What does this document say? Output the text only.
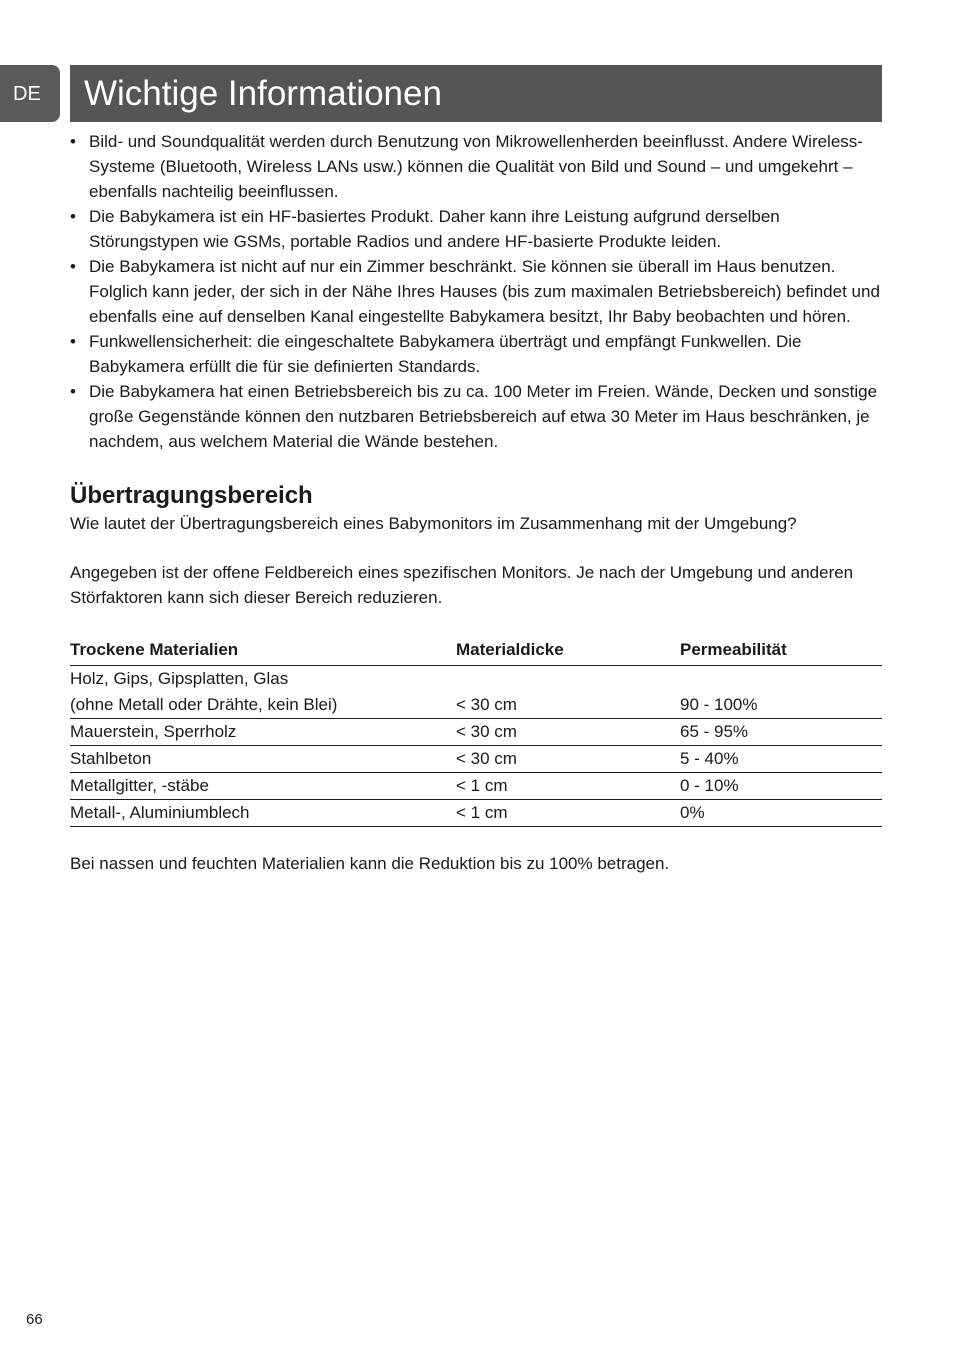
DE	Wichtige Informationen
• Bild- und Soundqualität werden durch Benutzung von Mikrowellenherden beeinflusst. Andere Wireless-Systeme (Bluetooth, Wireless LANs usw.) können die Qualität von Bild und Sound – und umgekehrt – ebenfalls nachteilig beeinflussen.
• Die Babykamera ist ein HF-basiertes Produkt. Daher kann ihre Leistung aufgrund derselben Störungstypen wie GSMs, portable Radios und andere HF-basierte Produkte leiden.
• Die Babykamera ist nicht auf nur ein Zimmer beschränkt. Sie können sie überall im Haus benutzen. Folglich kann jeder, der sich in der Nähe Ihres Hauses (bis zum maximalen Betriebsbereich) befindet und ebenfalls eine auf denselben Kanal eingestellte Babykamera besitzt, Ihr Baby beobachten und hören.
• Funkwellensicherheit: die eingeschaltete Babykamera überträgt und empfängt Funkwellen. Die Babykamera erfüllt die für sie definierten Standards.
• Die Babykamera hat einen Betriebsbereich bis zu ca. 100 Meter im Freien. Wände, Decken und sonstige große Gegenstände können den nutzbaren Betriebsbereich auf etwa 30 Meter im Haus beschränken, je nachdem, aus welchem Material die Wände bestehen.
Übertragungsbereich

Wie lautet der Übertragungsbereich eines Babymonitors im Zusammenhang mit der Umgebung?

Angegeben ist der offene Feldbereich eines spezifischen Monitors. Je nach der Umgebung und anderen Störfaktoren kann sich dieser Bereich reduzieren.

Trockene Materialien	Materialdicke	Permeabilität

Holz, Gips, Gipsplatten, Glas
(ohne Metall oder Drähte, kein Blei)	< 30 cm	90 - 100%
Mauerstein, Sperrholz	< 30 cm	65 - 95%
Stahlbeton	< 30 cm	5 - 40%
Metallgitter, -stäbe	< 1 cm	0 - 10%
Metall-, Aluminiumblech	< 1 cm	0%

Bei nassen und feuchten Materialien kann die Reduktion bis zu 100% betragen.

66
